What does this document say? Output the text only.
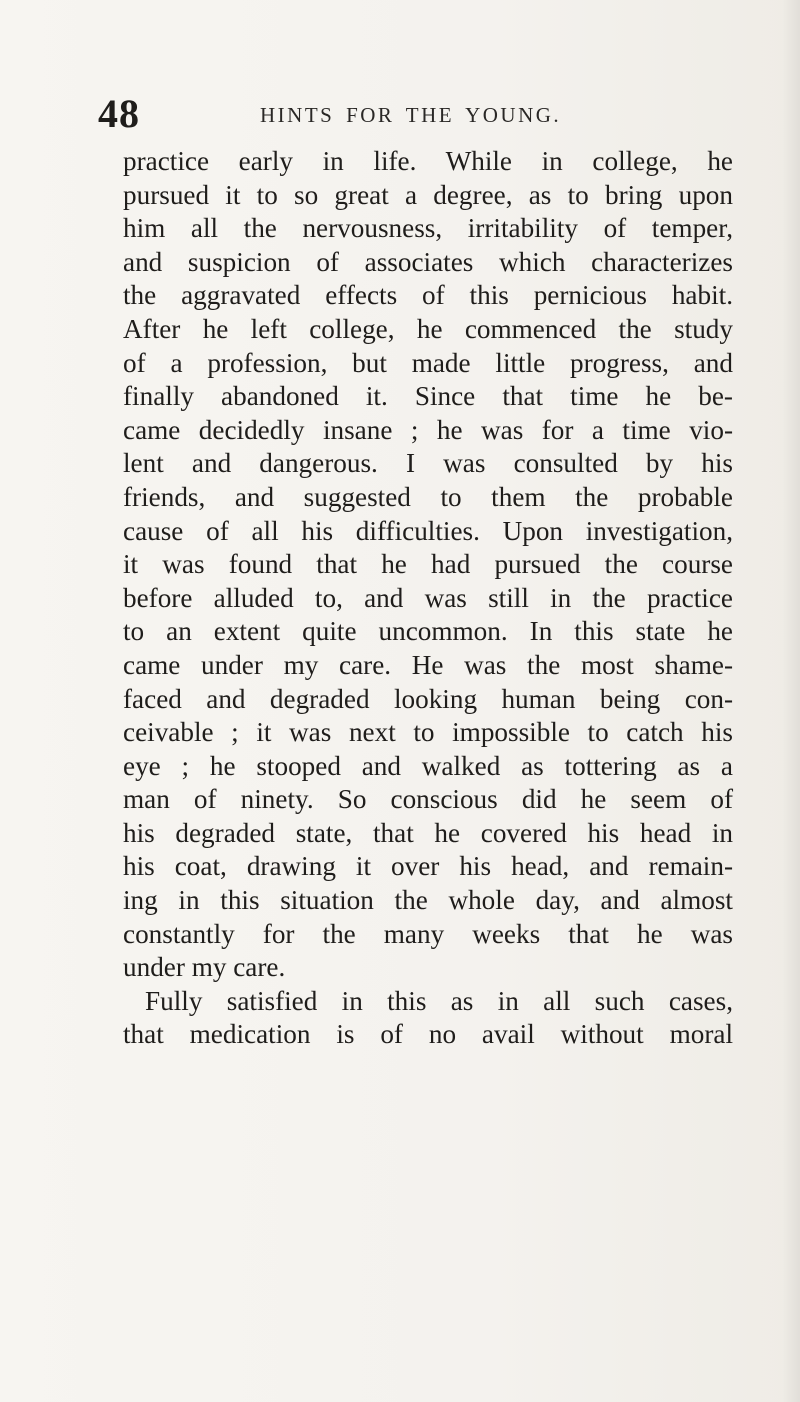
48	HINTS FOR THE YOUNG.
practice early in life. While in college, he
pursued it to so great a degree, as to bring upon
him all the nervousness, irritability of temper,
and suspicion of associates which characterizes
the aggravated effects of this pernicious habit.
After he left college, he commenced the study
of a profession, but made little progress, and
finally abandoned it. Since that time he be-
came decidedly insane ; he was for a time vio-
lent and dangerous. I was consulted by his
friends, and suggested to them the probable
cause of all his difficulties. Upon investigation,
it was found that he had pursued the course
before alluded to, and was still in the practice
to an extent quite uncommon. In this state he
came under my care. He was the most shame-
faced and degraded looking human being con-
ceivable ; it was next to impossible to catch his
eye ; he stooped and walked as tottering as a
man of ninety. So conscious did he seem of
his degraded state, that he covered his head in
his coat, drawing it over his head, and remain-
ing in this situation the whole day, and almost
constantly for the many weeks that he was
under my care.
Fully satisfied in this as in all such cases,
that medication is of no avail without moral
